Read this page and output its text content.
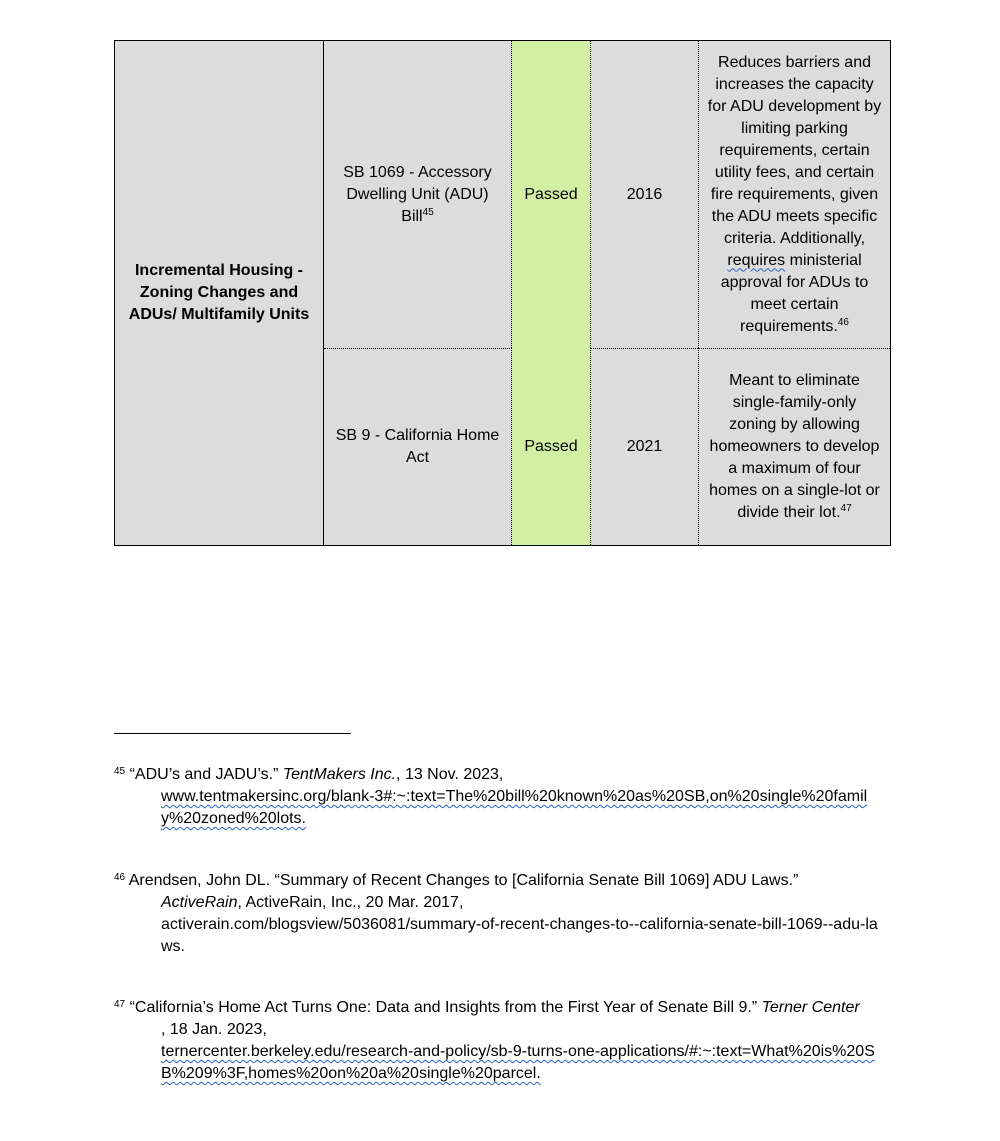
Incremental Housing - Zoning Changes and ADUs/ Multifamily Units
SB 1069 - Accessory Dwelling Unit (ADU) Bill$^{45}$
Passed	2016
Reduces barriers and increases the capacity for ADU development by limiting parking requirements, certain utility fees, and certain fire requirements, given the ADU meets specific criteria. Additionally, requires ministerial approval for ADUs to meet certain requirements.$^{46}$
SB 9 - California Home Act
Passed	2021
Meant to eliminate single-family-only zoning by allowing homeowners to develop a maximum of four homes on a single-lot or divide their lot.$^{47}$
$^{45}$ “ADU’s and JADU’s.” TentMakers Inc., 13 Nov. 2023,
www.tentmakersinc.org/blank-3#:~:text=The%20bill%20known%20as%20SB,on%20single%20family%20zoned%20lots.
$^{46}$ Arendsen, John DL. “Summary of Recent Changes to [California Senate Bill 1069] ADU Laws.”
ActiveRain, ActiveRain, Inc., 20 Mar. 2017,
activerain.com/blogsview/5036081/summary-of-recent-changes-to--california-senate-bill-1069--adu-laws.
$^{47}$ “California’s Home Act Turns One: Data and Insights from the First Year of Senate Bill 9.” Terner Center
, 18 Jan. 2023,
ternercenter.berkeley.edu/research-and-policy/sb-9-turns-one-applications/#:~:text=What%20is%20SB%209%3F,homes%20on%20a%20single%20parcel.
